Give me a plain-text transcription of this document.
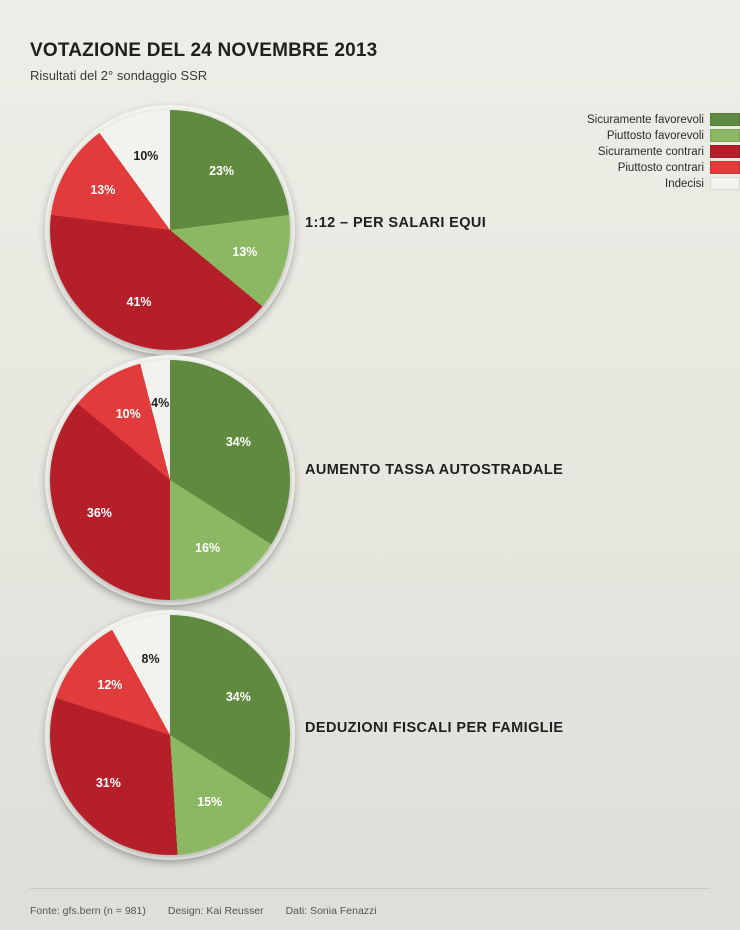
VOTAZIONE DEL 24 NOVEMBRE 2013
Risultati del 2° sondaggio SSR
Sicuramente favorevoli
Piuttosto favorevoli
Sicuramente contrari
Piuttosto contrari
Indecisi
23%
13%
41%
13%
10%
1:12 – PER SALARI EQUI
34%
16%
36%
10%
4%
AUMENTO TASSA AUTOSTRADALE
34%
15%
31%
12%
8%
DEDUZIONI FISCALI PER FAMIGLIE
Fonte: gfs.bern (n = 981) Design: Kai Reusser Dati: Sonia Fenazzi
